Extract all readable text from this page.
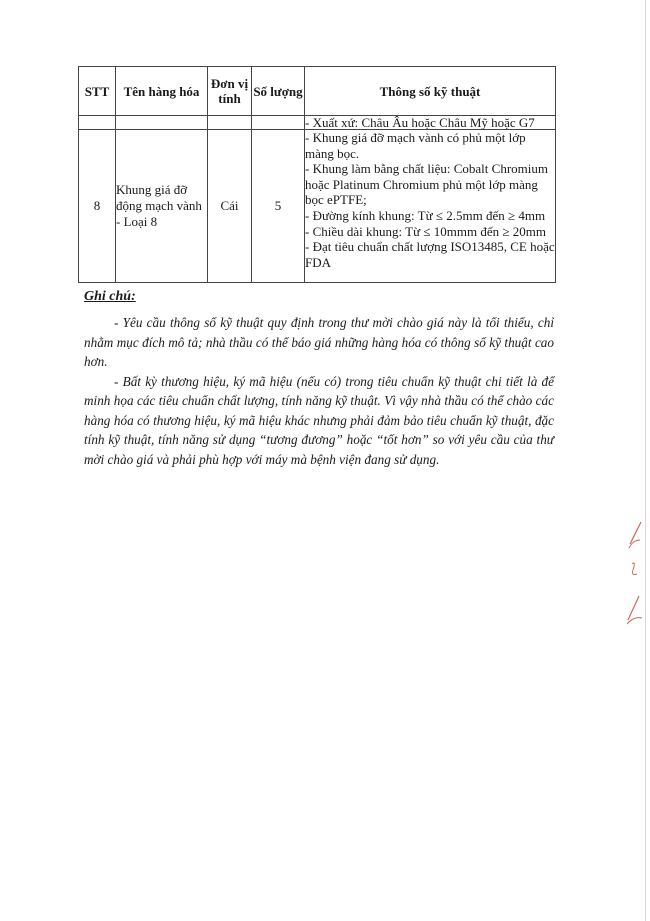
STT	Tên hàng hóa	Đơn vị tính	Số lượng	Thông số kỹ thuật
				- Xuất xứ: Châu Âu hoặc Châu Mỹ hoặc G7
8	Khung giá đỡ động mạch vành - Loại 8	Cái	5	- Khung giá đỡ mạch vành có phủ một lớp màng bọc.
- Khung làm bằng chất liệu: Cobalt Chromium hoặc Platinum Chromium phủ một lớp màng bọc ePTFE;
- Đường kính khung: Từ ≤ 2.5mm đến ≥ 4mm
- Chiều dài khung: Từ ≤ 10mmm đến ≥ 20mm
- Đạt tiêu chuẩn chất lượng ISO13485, CE hoặc FDA

Ghi chú:

- Yêu cầu thông số kỹ thuật quy định trong thư mời chào giá này là tối thiểu, chỉ nhằm mục đích mô tả; nhà thầu có thể báo giá những hàng hóa có thông số kỹ thuật cao hơn.

- Bất kỳ thương hiệu, ký mã hiệu (nếu có) trong tiêu chuẩn kỹ thuật chi tiết là để minh họa các tiêu chuẩn chất lượng, tính năng kỹ thuật. Vì vậy nhà thầu có thể chào các hàng hóa có thương hiệu, ký mã hiệu khác nhưng phải đảm bảo tiêu chuẩn kỹ thuật, đặc tính kỹ thuật, tính năng sử dụng “tương đương” hoặc “tốt hơn” so với yêu cầu của thư mời chào giá và phải phù hợp với máy mà bệnh viện đang sử dụng.
